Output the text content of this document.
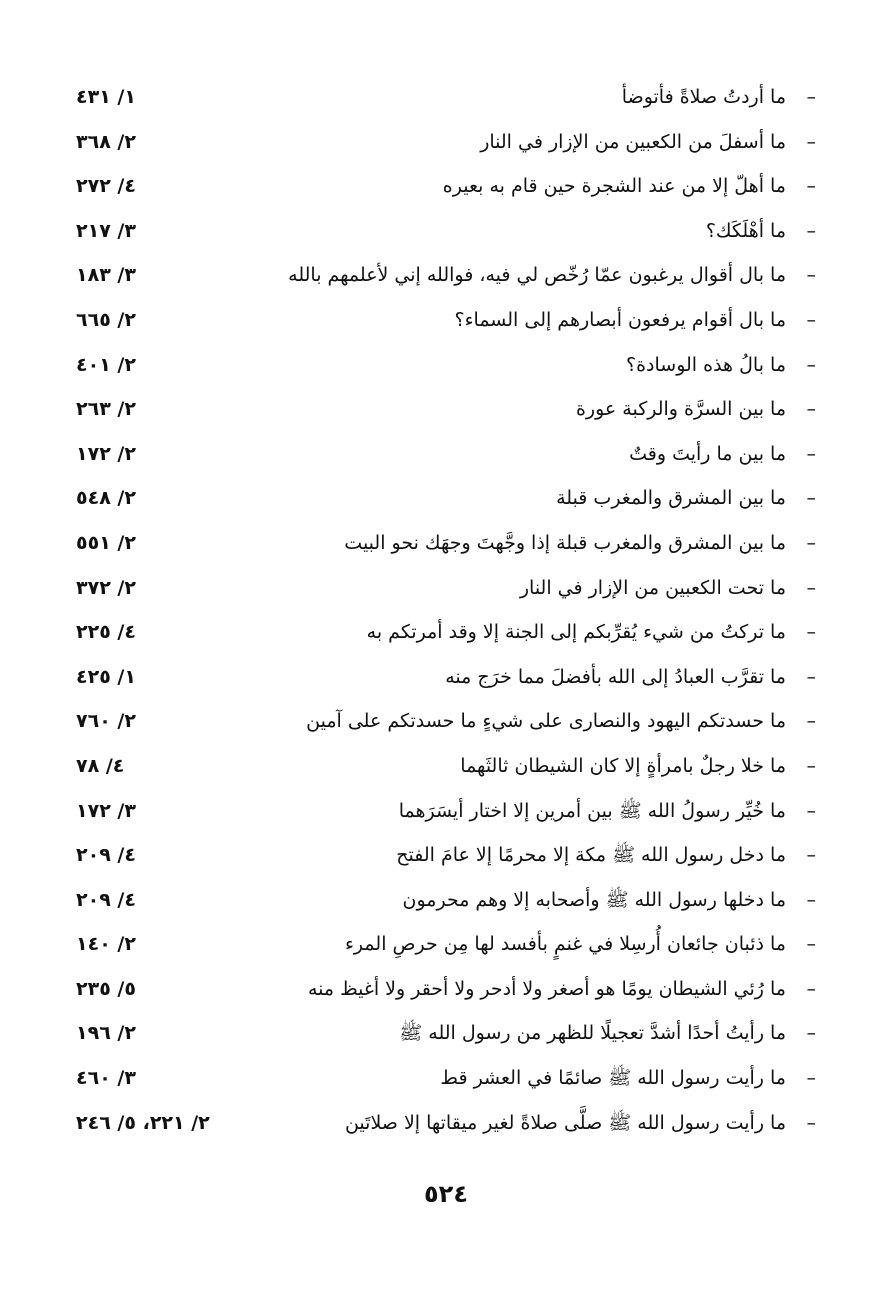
–
ما أردتُ صلاةً فأتوضأ
١/ ٤٣١
–
ما أسفلَ من الكعبين من الإزار في النار
٢/ ٣٦٨
–
ما أهلّ إلا من عند الشجرة حين قام به بعيره
٤/ ٢٧٢
–
ما أهْلَكَك؟
٣/ ٢١٧
–
ما بال أقوال يرغبون عمّا رُخّص لي فيه، فوالله إني لأعلمهم بالله
٣/ ١٨٣
–
ما بال أقوام يرفعون أبصارهم إلى السماء؟
٢/ ٦٦٥
–
ما بالُ هذه الوسادة؟
٢/ ٤٠١
–
ما بين السرَّة والركبة عورة
٢/ ٢٦٣
–
ما بين ما رأيتَ وقتٌ
٢/ ١٧٢
–
ما بين المشرق والمغرب قبلة
٢/ ٥٤٨
–
ما بين المشرق والمغرب قبلة إذا وجَّهتَ وجهَك نحو البيت
٢/ ٥٥١
–
ما تحت الكعبين من الإزار في النار
٢/ ٣٧٢
–
ما تركتُ من شيء يُقرِّبكم إلى الجنة إلا وقد أمرتكم به
٤/ ٢٢٥
–
ما تقرَّب العبادُ إلى الله بأفضلَ مما خرَج منه
١/ ٤٢٥
–
ما حسدتكم اليهود والنصارى على شيءٍ ما حسدتكم على آمين
٢/ ٧٦٠
–
ما خلا رجلٌ بامرأةٍ إلا كان الشيطان ثالثَهما
٤/ ٧٨
–
ما خُيِّر رسولُ الله ﷺ بين أمرين إلا اختار أيسَرَهما
٣/ ١٧٢
–
ما دخل رسول الله ﷺ مكة إلا محرمًا إلا عامَ الفتح
٤/ ٢٠٩
–
ما دخلها رسول الله ﷺ وأصحابه إلا وهم محرمون
٤/ ٢٠٩
–
ما ذئبان جائعان أُرسِلا في غنمٍ بأفسد لها مِن حرصِ المرء
٢/ ١٤٠
–
ما رُئي الشيطان يومًا هو أصغر ولا أدحر ولا أحقر ولا أغيظ منه
٥/ ٢٣٥
–
ما رأيتُ أحدًا أشدَّ تعجيلًا للظهر من رسول الله ﷺ
٢/ ١٩٦
–
ما رأيت رسول الله ﷺ صائمًا في العشر قط
٣/ ٤٦٠
–
ما رأيت رسول الله ﷺ صلَّى صلاةً لغير ميقاتها إلا صلاتَين
٢/ ٢٢١، ٥/ ٢٤٦
٥٢٤
